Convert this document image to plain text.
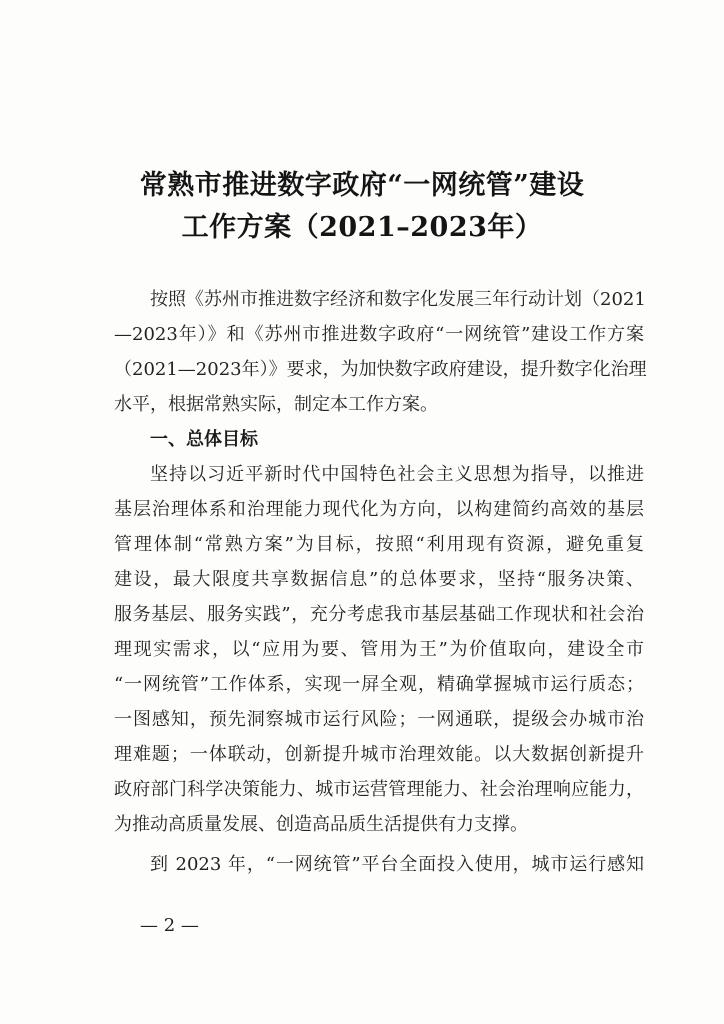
常熟市推进数字政府“一网统管”建设
工作方案（2021–2023年）
按照《苏州市推进数字经济和数字化发展三年行动计划（2021
—2023年）》和《苏州市推进数字政府“一网统管”建设工作方案
（2021—2023年）》要求，为加快数字政府建设，提升数字化治理
水平，根据常熟实际，制定本工作方案。
一、总体目标
坚持以习近平新时代中国特色社会主义思想为指导，以推进
基层治理体系和治理能力现代化为方向，以构建简约高效的基层
管理体制“常熟方案”为目标，按照“利用现有资源，避免重复
建设，最大限度共享数据信息”的总体要求，坚持“服务决策、
服务基层、服务实践”，充分考虑我市基层基础工作现状和社会治
理现实需求，以“应用为要、管用为王”为价值取向，建设全市
“一网统管”工作体系，实现一屏全观，精确掌握城市运行质态；
一图感知，预先洞察城市运行风险；一网通联，提级会办城市治
理难题；一体联动，创新提升城市治理效能。以大数据创新提升
政府部门科学决策能力、城市运营管理能力、社会治理响应能力，
为推动高质量发展、创造高品质生活提供有力支撑。
到 2023 年，“一网统管”平台全面投入使用，城市运行感知
— 2 —
